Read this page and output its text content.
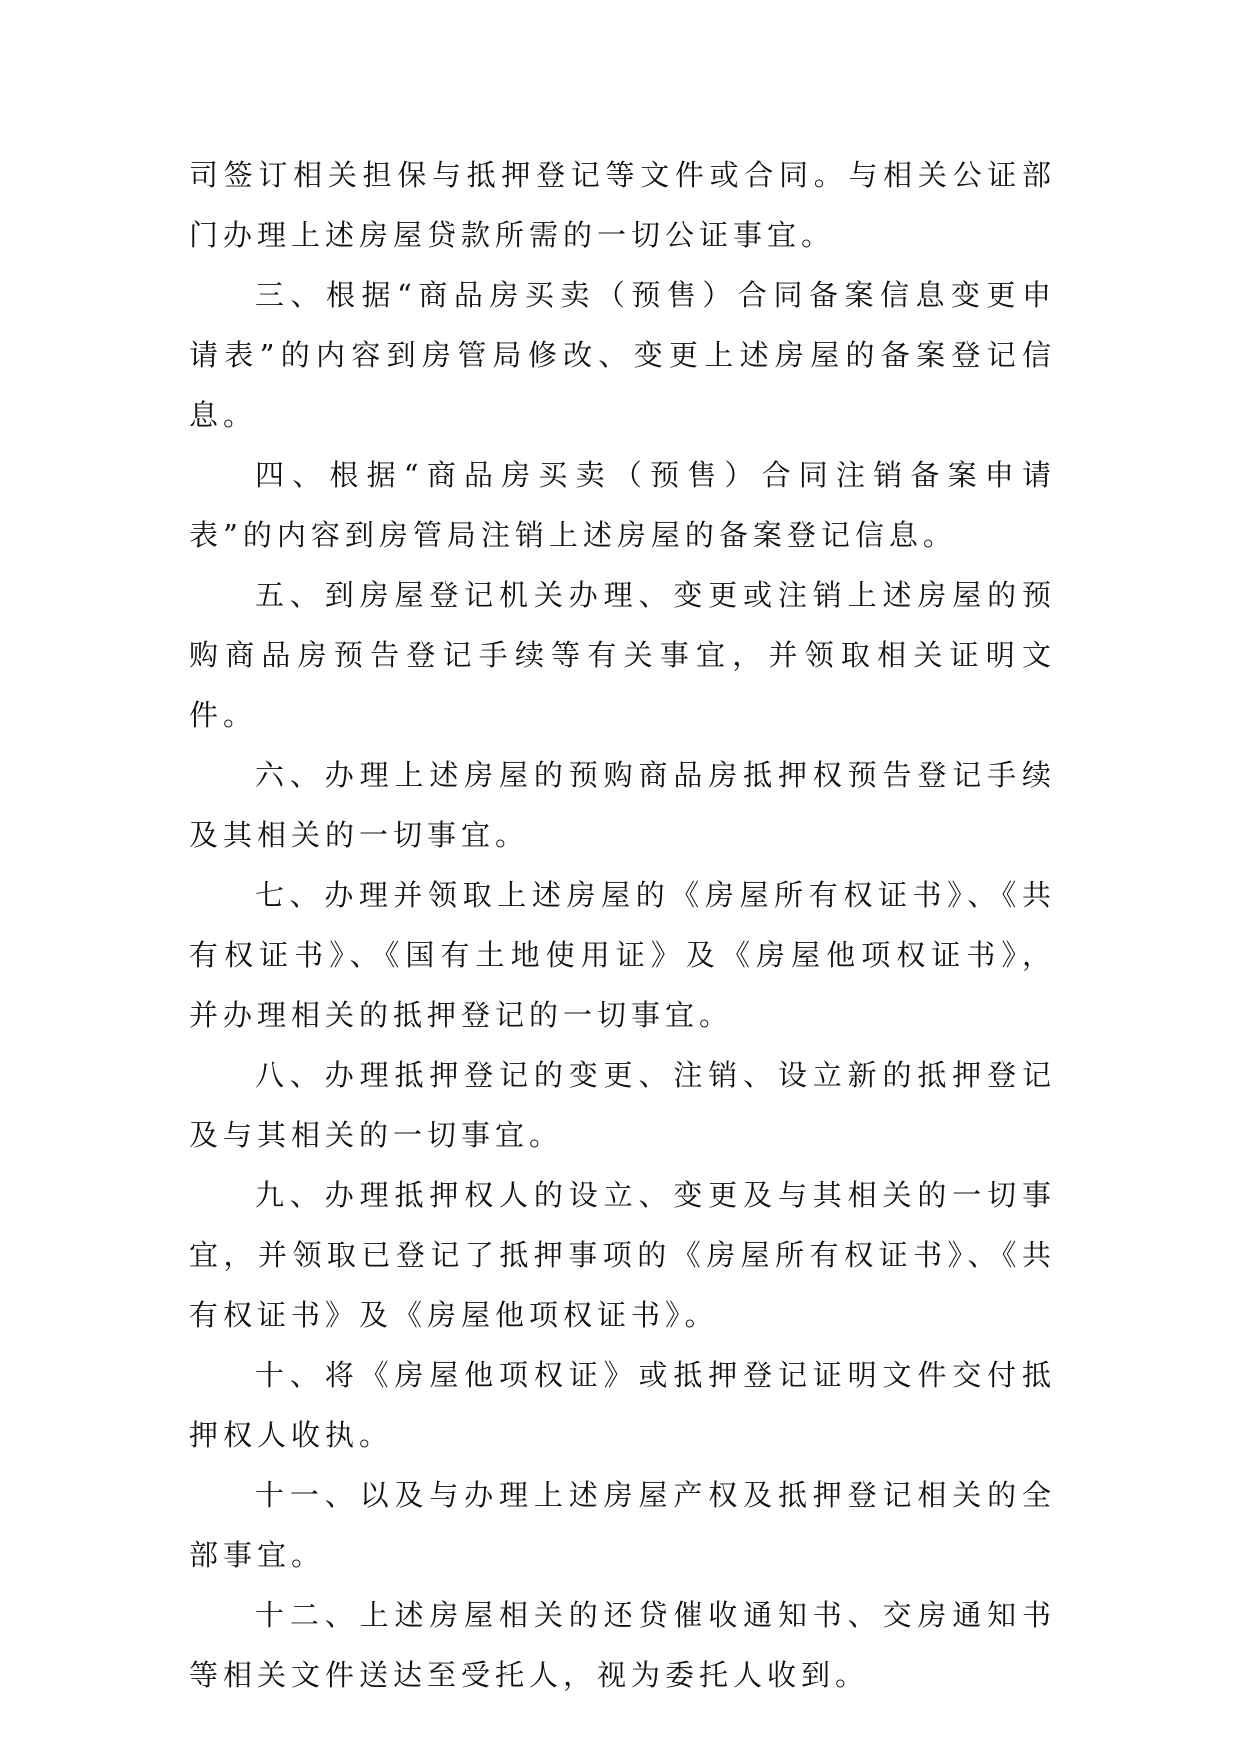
司签订相关担保与抵押登记等文件或合同。与相关公证部门办理上述房屋贷款所需的一切公证事宜。

三、根据“商品房买卖（预售）合同备案信息变更申请表”的内容到房管局修改、变更上述房屋的备案登记信息。

四、根据“商品房买卖（预售）合同注销备案申请表”的内容到房管局注销上述房屋的备案登记信息。

五、到房屋登记机关办理、变更或注销上述房屋的预购商品房预告登记手续等有关事宜，并领取相关证明文件。

六、办理上述房屋的预购商品房抵押权预告登记手续及其相关的一切事宜。

七、办理并领取上述房屋的《房屋所有权证书》、《共有权证书》、《国有土地使用证》及《房屋他项权证书》，并办理相关的抵押登记的一切事宜。

八、办理抵押登记的变更、注销、设立新的抵押登记及与其相关的一切事宜。

九、办理抵押权人的设立、变更及与其相关的一切事宜，并领取已登记了抵押事项的《房屋所有权证书》、《共有权证书》及《房屋他项权证书》。

十、将《房屋他项权证》或抵押登记证明文件交付抵押权人收执。

十一、以及与办理上述房屋产权及抵押登记相关的全部事宜。

十二、上述房屋相关的还贷催收通知书、交房通知书等相关文件送达至受托人，视为委托人收到。
